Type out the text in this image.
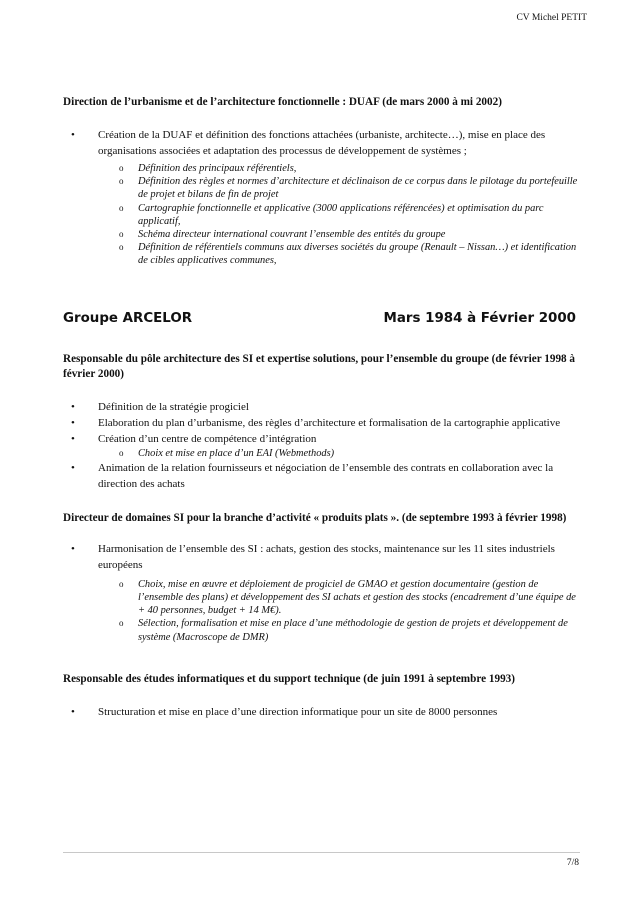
CV Michel PETIT

Direction de l’urbanisme et de l’architecture fonctionnelle : DUAF (de mars 2000 à mi 2002)

• Création de la DUAF et définition des fonctions attachées (urbaniste, architecte…), mise en place des organisations associées et adaptation des processus de développement de systèmes ;
o Définition des principaux référentiels,
o Définition des règles et normes d’architecture et déclinaison de ce corpus dans le pilotage du portefeuille de projet et bilans de fin de projet
o Cartographie fonctionnelle et applicative (3000 applications référencées) et optimisation du parc applicatif,
o Schéma directeur international couvrant l’ensemble des entités du groupe
o Définition de référentiels communs aux diverses sociétés du groupe (Renault – Nissan…) et identification de cibles applicatives communes,
Groupe ARCELOR	Mars 1984 à Février 2000

Responsable du pôle architecture des SI et expertise solutions, pour l’ensemble du groupe (de février 1998 à février 2000)

• Définition de la stratégie progiciel
• Elaboration du plan d’urbanisme, des règles d’architecture et formalisation de la cartographie applicative
• Création d’un centre de compétence d’intégration
o Choix et mise en place d’un EAI (Webmethods)
• Animation de la relation fournisseurs et négociation de l’ensemble des contrats en collaboration avec la direction des achats

Directeur de domaines SI pour la branche d’activité « produits plats ». (de septembre 1993 à février 1998)

• Harmonisation de l’ensemble des SI : achats, gestion des stocks, maintenance sur les 11 sites industriels européens
o Choix, mise en œuvre et déploiement de progiciel de GMAO et gestion documentaire (gestion de l’ensemble des plans) et développement des SI achats et gestion des stocks (encadrement d’une équipe de + 40 personnes, budget + 14 M€).
o Sélection, formalisation et mise en place d’une méthodologie de gestion de projets et développement de système (Macroscope de DMR)

Responsable des études informatiques et du support technique (de juin 1991 à septembre 1993)

• Structuration et mise en place d’une direction informatique pour un site de 8000 personnes
7/8
